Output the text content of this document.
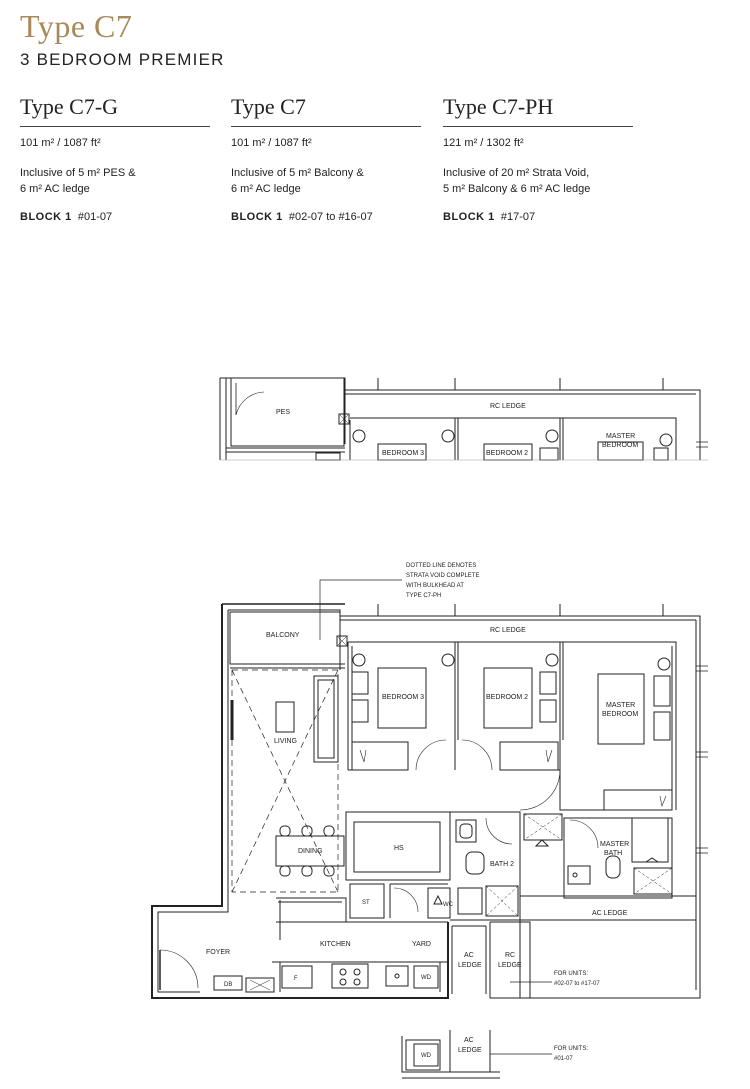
Type C7
3 BEDROOM PREMIER
Type C7-G
101 m² / 1087 ft²
Inclusive of 5 m² PES &
6 m² AC ledge
BLOCK 1 #01-07
Type C7
101 m² / 1087 ft²
Inclusive of 5 m² Balcony &
6 m² AC ledge
BLOCK 1 #02-07 to #16-07
Type C7-PH
121 m² / 1302 ft²
Inclusive of 20 m² Strata Void,
5 m² Balcony & 6 m² AC ledge
BLOCK 1 #17-07
PES
RC LEDGE
BEDROOM 3	BEDROOM 2
MASTER
BEDROOM
DOTTED LINE DENOTES
STRATA VOID COMPLETE
WITH BULKHEAD AT
TYPE C7-PH
BALCONY
RC LEDGE
BEDROOM 3	BEDROOM 2
MASTER
BEDROOM
LIVING
DINING	HS
BATH 2
MASTER
BATH
ST	WC
AC LEDGE
FOYER
KITCHEN	YARD
DB
F	WD
AC
LEDGE
RC
LEDGE
FOR UNITS:
#02-07 to #17-07
WD
AC
LEDGE	FOR UNITS:
#01-07
